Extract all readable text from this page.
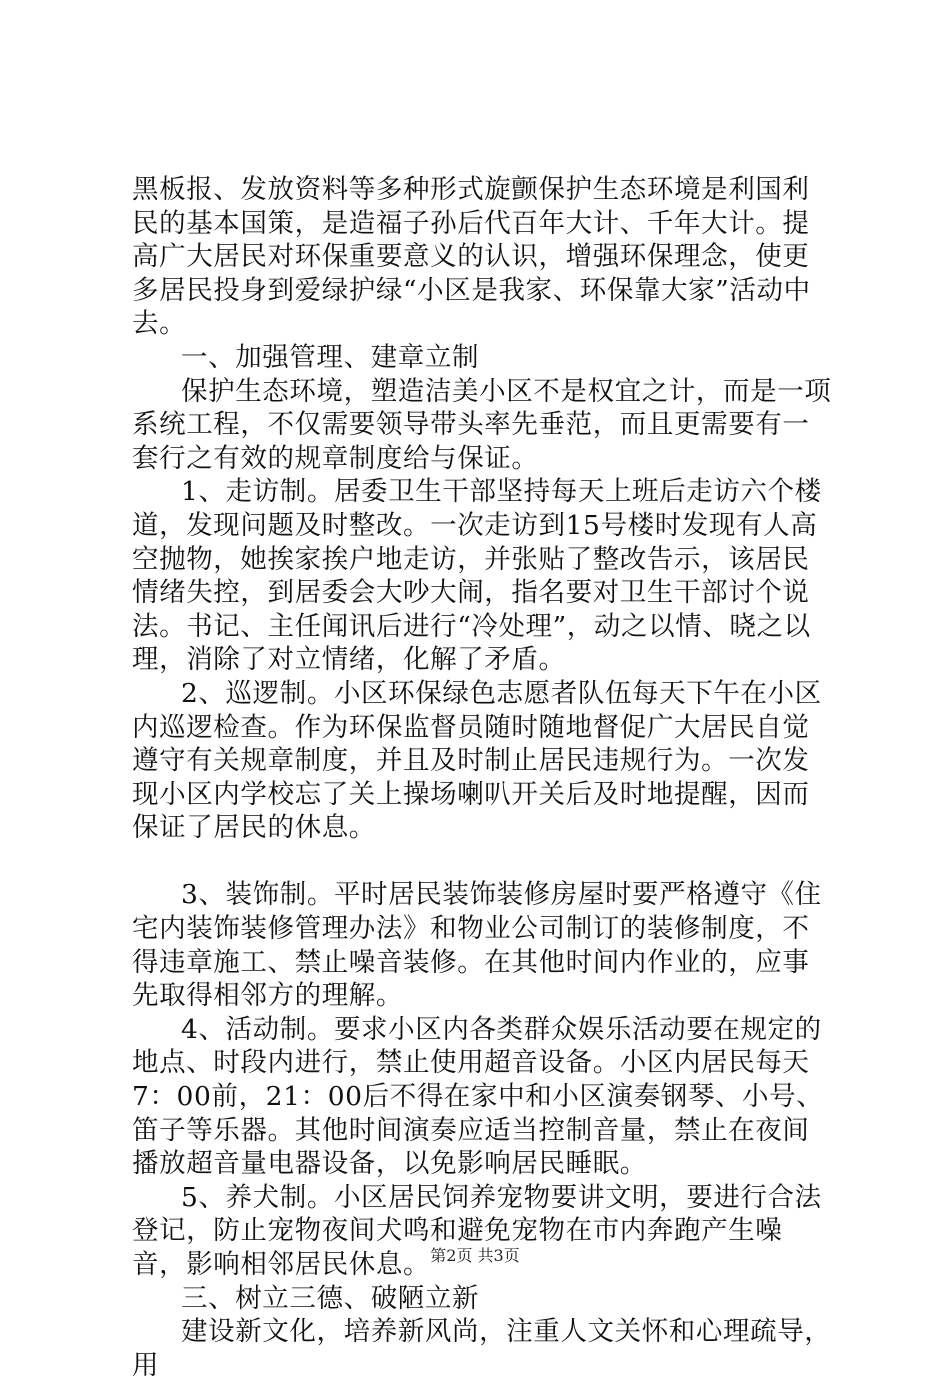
黑板报、发放资料等多种形式旋颤保护生态环境是利国利民的基本国策，是造福子孙后代百年大计、千年大计。提高广大居民对环保重要意义的认识，增强环保理念，使更多居民投身到爱绿护绿“小区是我家、环保靠大家”活动中去。

一、加强管理、建章立制

保护生态环境，塑造洁美小区不是权宜之计，而是一项系统工程，不仅需要领导带头率先垂范，而且更需要有一套行之有效的规章制度给与保证。

1、走访制。居委卫生干部坚持每天上班后走访六个楼道，发现问题及时整改。一次走访到15号楼时发现有人高空抛物，她挨家挨户地走访，并张贴了整改告示，该居民情绪失控，到居委会大吵大闹，指名要对卫生干部讨个说法。书记、主任闻讯后进行“冷处理”，动之以情、晓之以理，消除了对立情绪，化解了矛盾。

2、巡逻制。小区环保绿色志愿者队伍每天下午在小区内巡逻检查。作为环保监督员随时随地督促广大居民自觉遵守有关规章制度，并且及时制止居民违规行为。一次发现小区内学校忘了关上操场喇叭开关后及时地提醒，因而保证了居民的休息。

3、装饰制。平时居民装饰装修房屋时要严格遵守《住宅内装饰装修管理办法》和物业公司制订的装修制度，不得违章施工、禁止噪音装修。在其他时间内作业的，应事先取得相邻方的理解。

4、活动制。要求小区内各类群众娱乐活动要在规定的地点、时段内进行，禁止使用超音设备。小区内居民每天7：00前，21：00后不得在家中和小区演奏钢琴、小号、笛子等乐器。其他时间演奏应适当控制音量，禁止在夜间播放超音量电器设备，以免影响居民睡眠。

5、养犬制。小区居民饲养宠物要讲文明，要进行合法登记，防止宠物夜间犬鸣和避免宠物在市内奔跑产生噪音，影响相邻居民休息。

三、树立三德、破陋立新

建设新文化，培养新风尚，注重人文关怀和心理疏导，用

第2页 共3页
